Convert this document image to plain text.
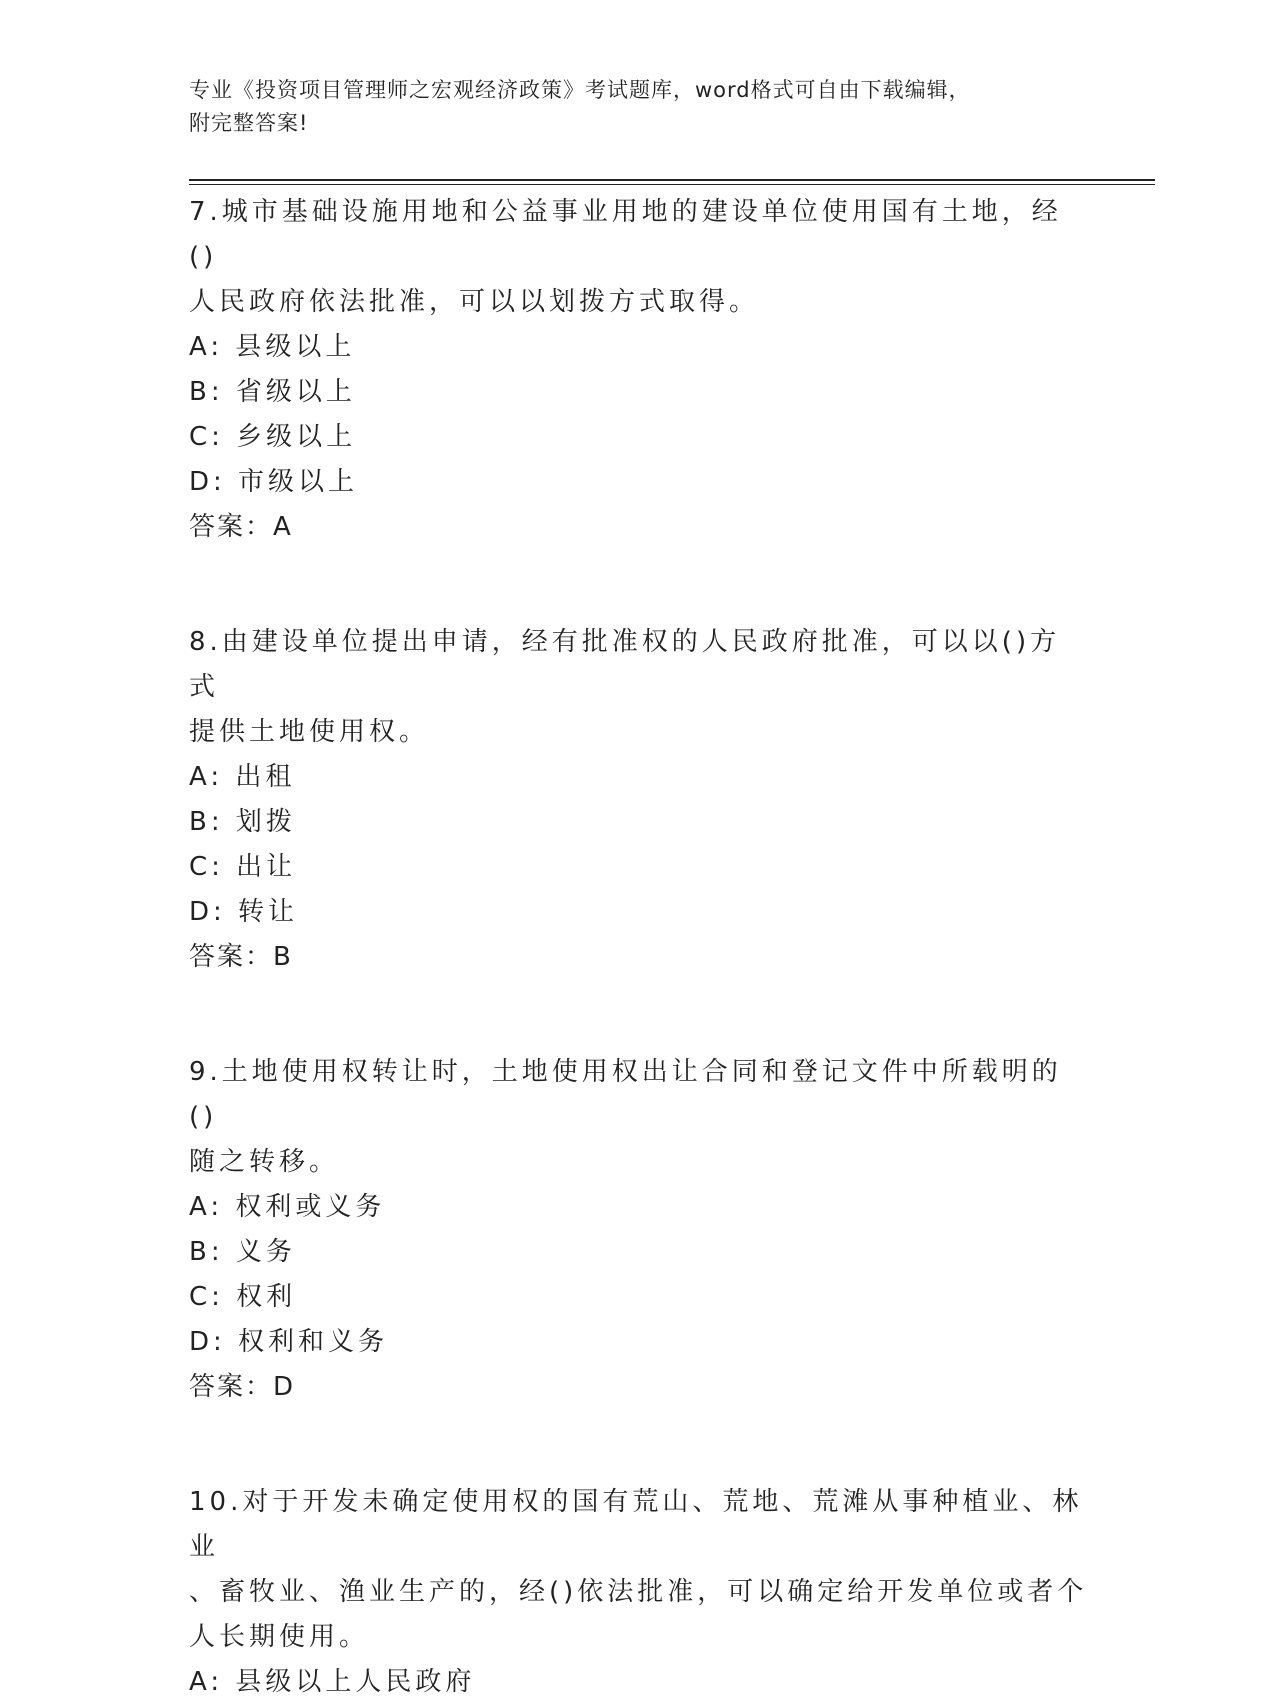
专业《投资项目管理师之宏观经济政策》考试题库，word格式可自由下载编辑，
附完整答案!

7.城市基础设施用地和公益事业用地的建设单位使用国有土地，经()

人民政府依法批准，可以以划拨方式取得。

A: 县级以上

B: 省级以上

C: 乡级以上

D: 市级以上

答案：A

8.由建设单位提出申请，经有批准权的人民政府批准，可以以()方式

提供土地使用权。

A: 出租

B: 划拨

C: 出让

D: 转让

答案：B

9.土地使用权转让时，土地使用权出让合同和登记文件中所载明的()

随之转移。

A: 权利或义务

B: 义务

C: 权利

D: 权利和义务

答案：D

10.对于开发未确定使用权的国有荒山、荒地、荒滩从事种植业、林业

、畜牧业、渔业生产的，经()依法批准，可以确定给开发单位或者个

人长期使用。

A: 县级以上人民政府
